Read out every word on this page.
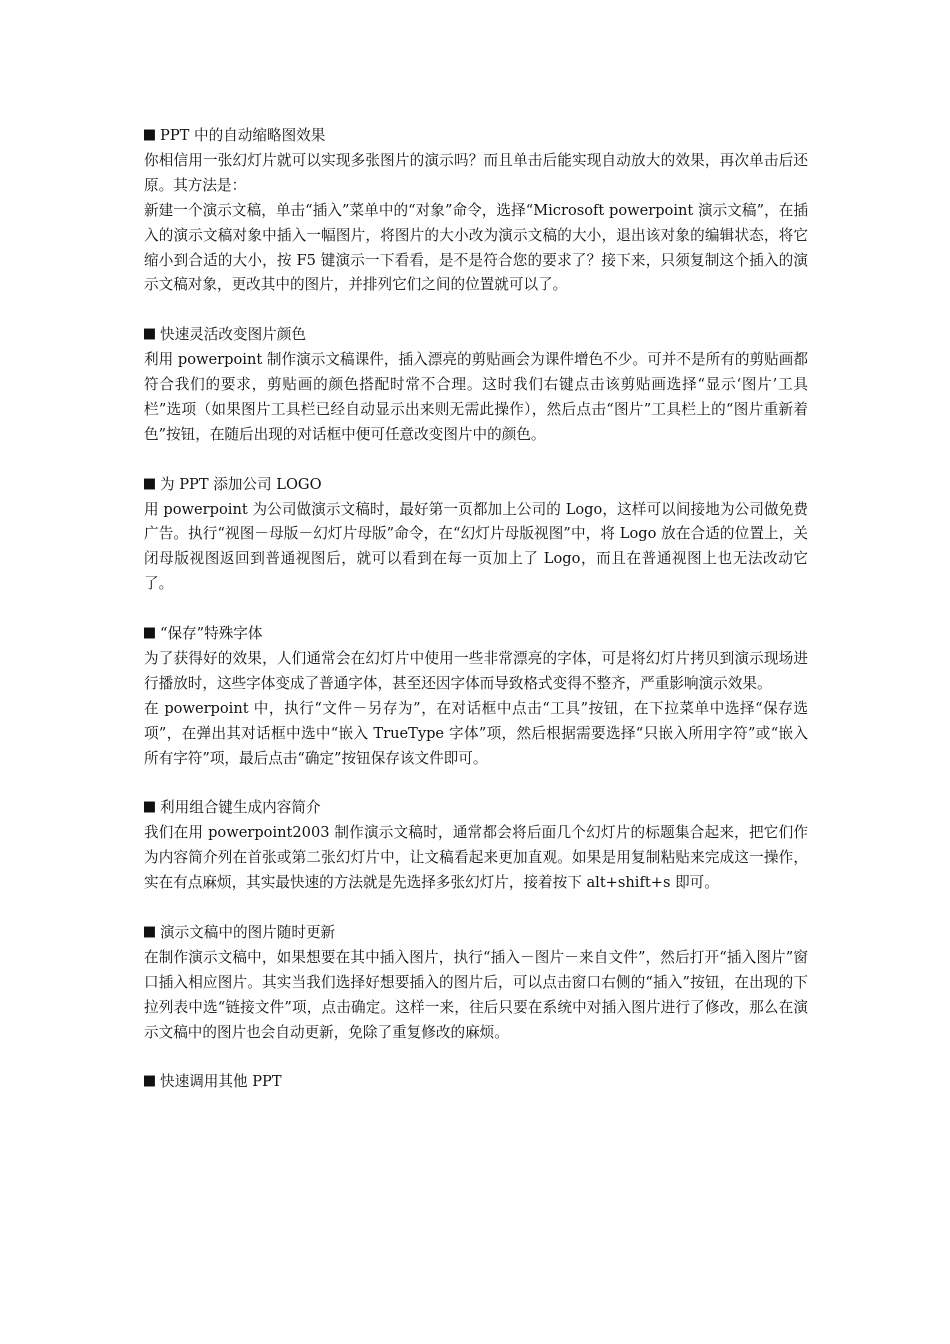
PPT 中的自动缩略图效果

你相信用一张幻灯片就可以实现多张图片的演示吗？而且单击后能实现自动放大的效果，再次单击后还原。其方法是：

新建一个演示文稿，单击“插入”菜单中的“对象”命令，选择“Microsoft powerpoint 演示文稿”，在插入的演示文稿对象中插入一幅图片，将图片的大小改为演示文稿的大小，退出该对象的编辑状态，将它缩小到合适的大小，按 F5 键演示一下看看，是不是符合您的要求了？接下来，只须复制这个插入的演示文稿对象，更改其中的图片，并排列它们之间的位置就可以了。

快速灵活改变图片颜色

利用 powerpoint 制作演示文稿课件，插入漂亮的剪贴画会为课件增色不少。可并不是所有的剪贴画都符合我们的要求，剪贴画的颜色搭配时常不合理。这时我们右键点击该剪贴画选择“显示‘图片’工具栏”选项（如果图片工具栏已经自动显示出来则无需此操作），然后点击“图片”工具栏上的“图片重新着色”按钮，在随后出现的对话框中便可任意改变图片中的颜色。

为 PPT 添加公司 LOGO

用 powerpoint 为公司做演示文稿时，最好第一页都加上公司的 Logo，这样可以间接地为公司做免费广告。执行“视图－母版－幻灯片母版”命令，在“幻灯片母版视图”中，将 Logo 放在合适的位置上，关闭母版视图返回到普通视图后，就可以看到在每一页加上了 Logo，而且在普通视图上也无法改动它了。

“保存”特殊字体

为了获得好的效果，人们通常会在幻灯片中使用一些非常漂亮的字体，可是将幻灯片拷贝到演示现场进行播放时，这些字体变成了普通字体，甚至还因字体而导致格式变得不整齐，严重影响演示效果。

在 powerpoint 中，执行“文件－另存为”，在对话框中点击“工具”按钮，在下拉菜单中选择“保存选项”，在弹出其对话框中选中“嵌入 TrueType 字体”项，然后根据需要选择“只嵌入所用字符”或“嵌入所有字符”项，最后点击“确定”按钮保存该文件即可。

利用组合键生成内容简介

我们在用 powerpoint2003 制作演示文稿时，通常都会将后面几个幻灯片的标题集合起来，把它们作为内容简介列在首张或第二张幻灯片中，让文稿看起来更加直观。如果是用复制粘贴来完成这一操作，实在有点麻烦，其实最快速的方法就是先选择多张幻灯片，接着按下 alt+shift+s 即可。

演示文稿中的图片随时更新

在制作演示文稿中，如果想要在其中插入图片，执行“插入－图片－来自文件”，然后打开“插入图片”窗口插入相应图片。其实当我们选择好想要插入的图片后，可以点击窗口右侧的“插入”按钮，在出现的下拉列表中选“链接文件”项，点击确定。这样一来，往后只要在系统中对插入图片进行了修改，那么在演示文稿中的图片也会自动更新，免除了重复修改的麻烦。

快速调用其他 PPT
